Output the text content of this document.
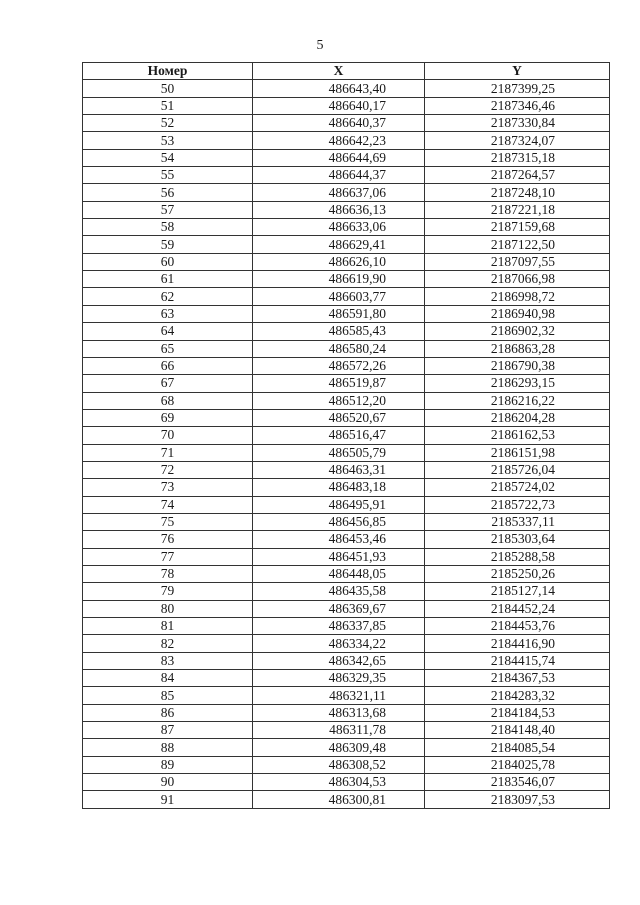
5
Номер	X	Y
50	486643,40	2187399,25
51	486640,17	2187346,46
52	486640,37	2187330,84
53	486642,23	2187324,07
54	486644,69	2187315,18
55	486644,37	2187264,57
56	486637,06	2187248,10
57	486636,13	2187221,18
58	486633,06	2187159,68
59	486629,41	2187122,50
60	486626,10	2187097,55
61	486619,90	2187066,98
62	486603,77	2186998,72
63	486591,80	2186940,98
64	486585,43	2186902,32
65	486580,24	2186863,28
66	486572,26	2186790,38
67	486519,87	2186293,15
68	486512,20	2186216,22
69	486520,67	2186204,28
70	486516,47	2186162,53
71	486505,79	2186151,98
72	486463,31	2185726,04
73	486483,18	2185724,02
74	486495,91	2185722,73
75	486456,85	2185337,11
76	486453,46	2185303,64
77	486451,93	2185288,58
78	486448,05	2185250,26
79	486435,58	2185127,14
80	486369,67	2184452,24
81	486337,85	2184453,76
82	486334,22	2184416,90
83	486342,65	2184415,74
84	486329,35	2184367,53
85	486321,11	2184283,32
86	486313,68	2184184,53
87	486311,78	2184148,40
88	486309,48	2184085,54
89	486308,52	2184025,78
90	486304,53	2183546,07
91	486300,81	2183097,53
